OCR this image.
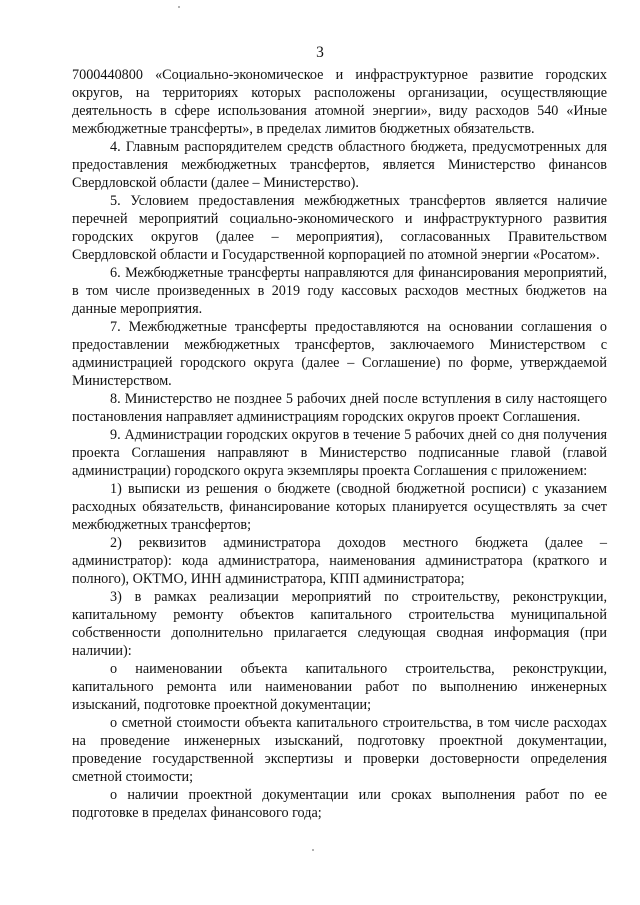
3

7000440800 «Социально-экономическое и инфраструктурное развитие городских округов, на территориях которых расположены организации, осуществляющие деятельность в сфере использования атомной энергии», виду расходов 540 «Иные межбюджетные трансферты», в пределах лимитов бюджетных обязательств.

4. Главным распорядителем средств областного бюджета, предусмотренных для предоставления межбюджетных трансфертов, является Министерство финансов Свердловской области (далее – Министерство).

5. Условием предоставления межбюджетных трансфертов является наличие перечней мероприятий социально-экономического и инфраструктурного развития городских округов (далее – мероприятия), согласованных Правительством Свердловской области и Государственной корпорацией по атомной энергии «Росатом».

6. Межбюджетные трансферты направляются для финансирования мероприятий, в том числе произведенных в 2019 году кассовых расходов местных бюджетов на данные мероприятия.

7. Межбюджетные трансферты предоставляются на основании соглашения о предоставлении межбюджетных трансфертов, заключаемого Министерством с администрацией городского округа (далее – Соглашение) по форме, утверждаемой Министерством.

8. Министерство не позднее 5 рабочих дней после вступления в силу настоящего постановления направляет администрациям городских округов проект Соглашения.

9. Администрации городских округов в течение 5 рабочих дней со дня получения проекта Соглашения направляют в Министерство подписанные главой (главой администрации) городского округа экземпляры проекта Соглашения с приложением:

1) выписки из решения о бюджете (сводной бюджетной росписи) с указанием расходных обязательств, финансирование которых планируется осуществлять за счет межбюджетных трансфертов;

2) реквизитов администратора доходов местного бюджета (далее – администратор): кода администратора, наименования администратора (краткого и полного), ОКТМО, ИНН администратора, КПП администратора;

3) в рамках реализации мероприятий по строительству, реконструкции, капитальному ремонту объектов капитального строительства муниципальной собственности дополнительно прилагается следующая сводная информация (при наличии):

о наименовании объекта капитального строительства, реконструкции, капитального ремонта или наименовании работ по выполнению инженерных изысканий, подготовке проектной документации;

о сметной стоимости объекта капитального строительства, в том числе расходах на проведение инженерных изысканий, подготовку проектной документации, проведение государственной экспертизы и проверки достоверности определения сметной стоимости;

о наличии проектной документации или сроках выполнения работ по ее подготовке в пределах финансового года;
